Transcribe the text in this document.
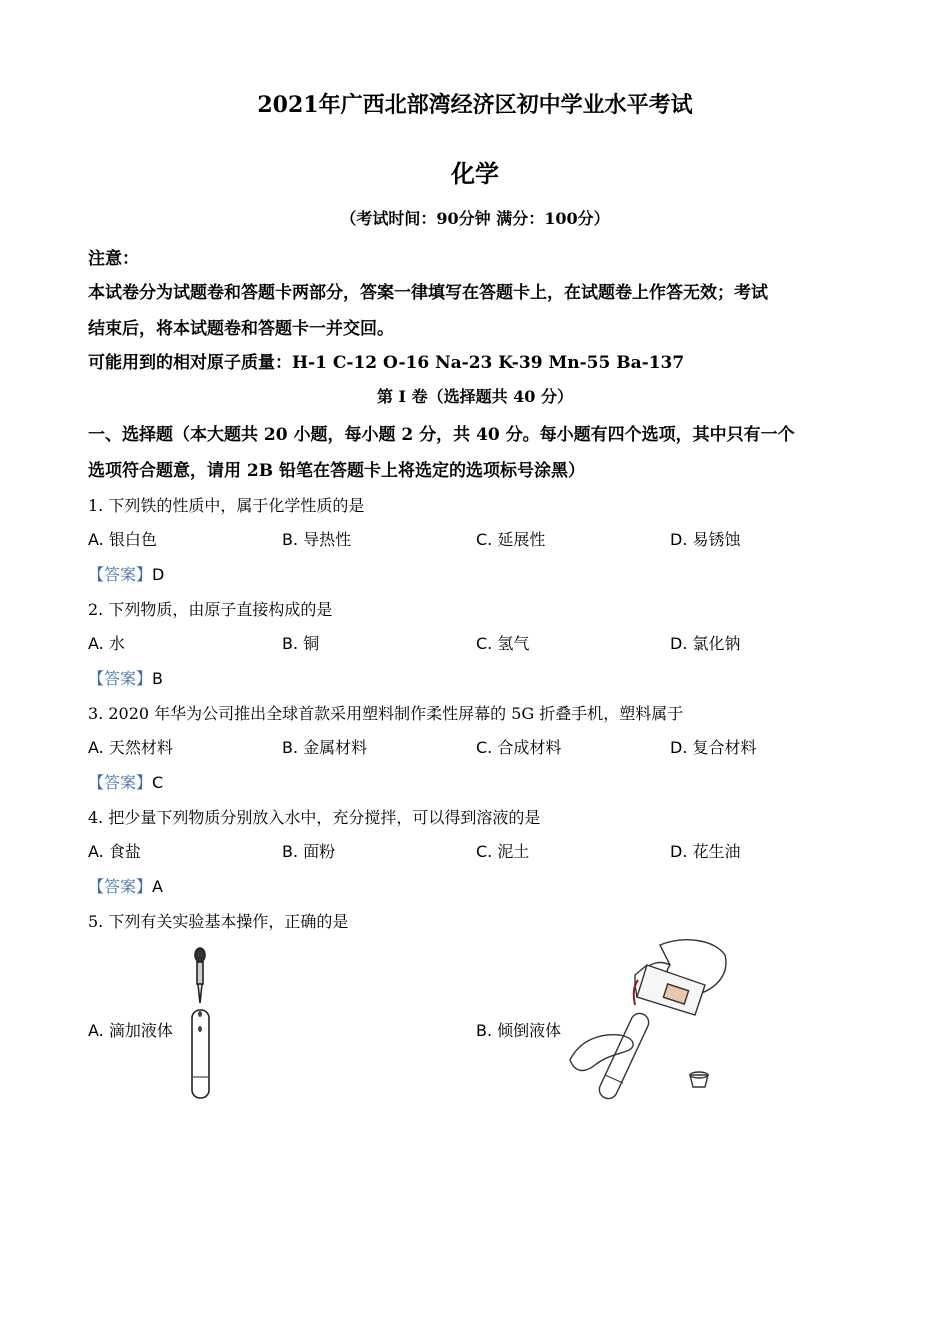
2021年广西北部湾经济区初中学业水平考试
化学
（考试时间：90分钟 满分：100分）
注意：
本试卷分为试题卷和答题卡两部分，答案一律填写在答题卡上，在试题卷上作答无效；考试
结束后，将本试题卷和答题卡一并交回。
可能用到的相对原子质量：H-1 C-12 O-16 Na-23 K-39 Mn-55 Ba-137
第 I 卷（选择题共 40 分）
一、选择题（本大题共 20 小题，每小题 2 分，共 40 分。每小题有四个选项，其中只有一个
选项符合题意，请用 2B 铅笔在答题卡上将选定的选项标号涂黑）
1. 下列铁的性质中，属于化学性质的是
A. 银白色	B. 导热性	C. 延展性	D. 易锈蚀
【答案】D
2. 下列物质，由原子直接构成的是
A. 水	B. 铜	C. 氢气	D. 氯化钠
【答案】B
3. 2020 年华为公司推出全球首款采用塑料制作柔性屏幕的 5G 折叠手机，塑料属于
A. 天然材料	B. 金属材料	C. 合成材料	D. 复合材料
【答案】C
4. 把少量下列物质分别放入水中，充分搅拌，可以得到溶液的是
A. 食盐	B. 面粉	C. 泥土	D. 花生油
【答案】A
5. 下列有关实验基本操作，正确的是
A. 滴加液体	B. 倾倒液体
